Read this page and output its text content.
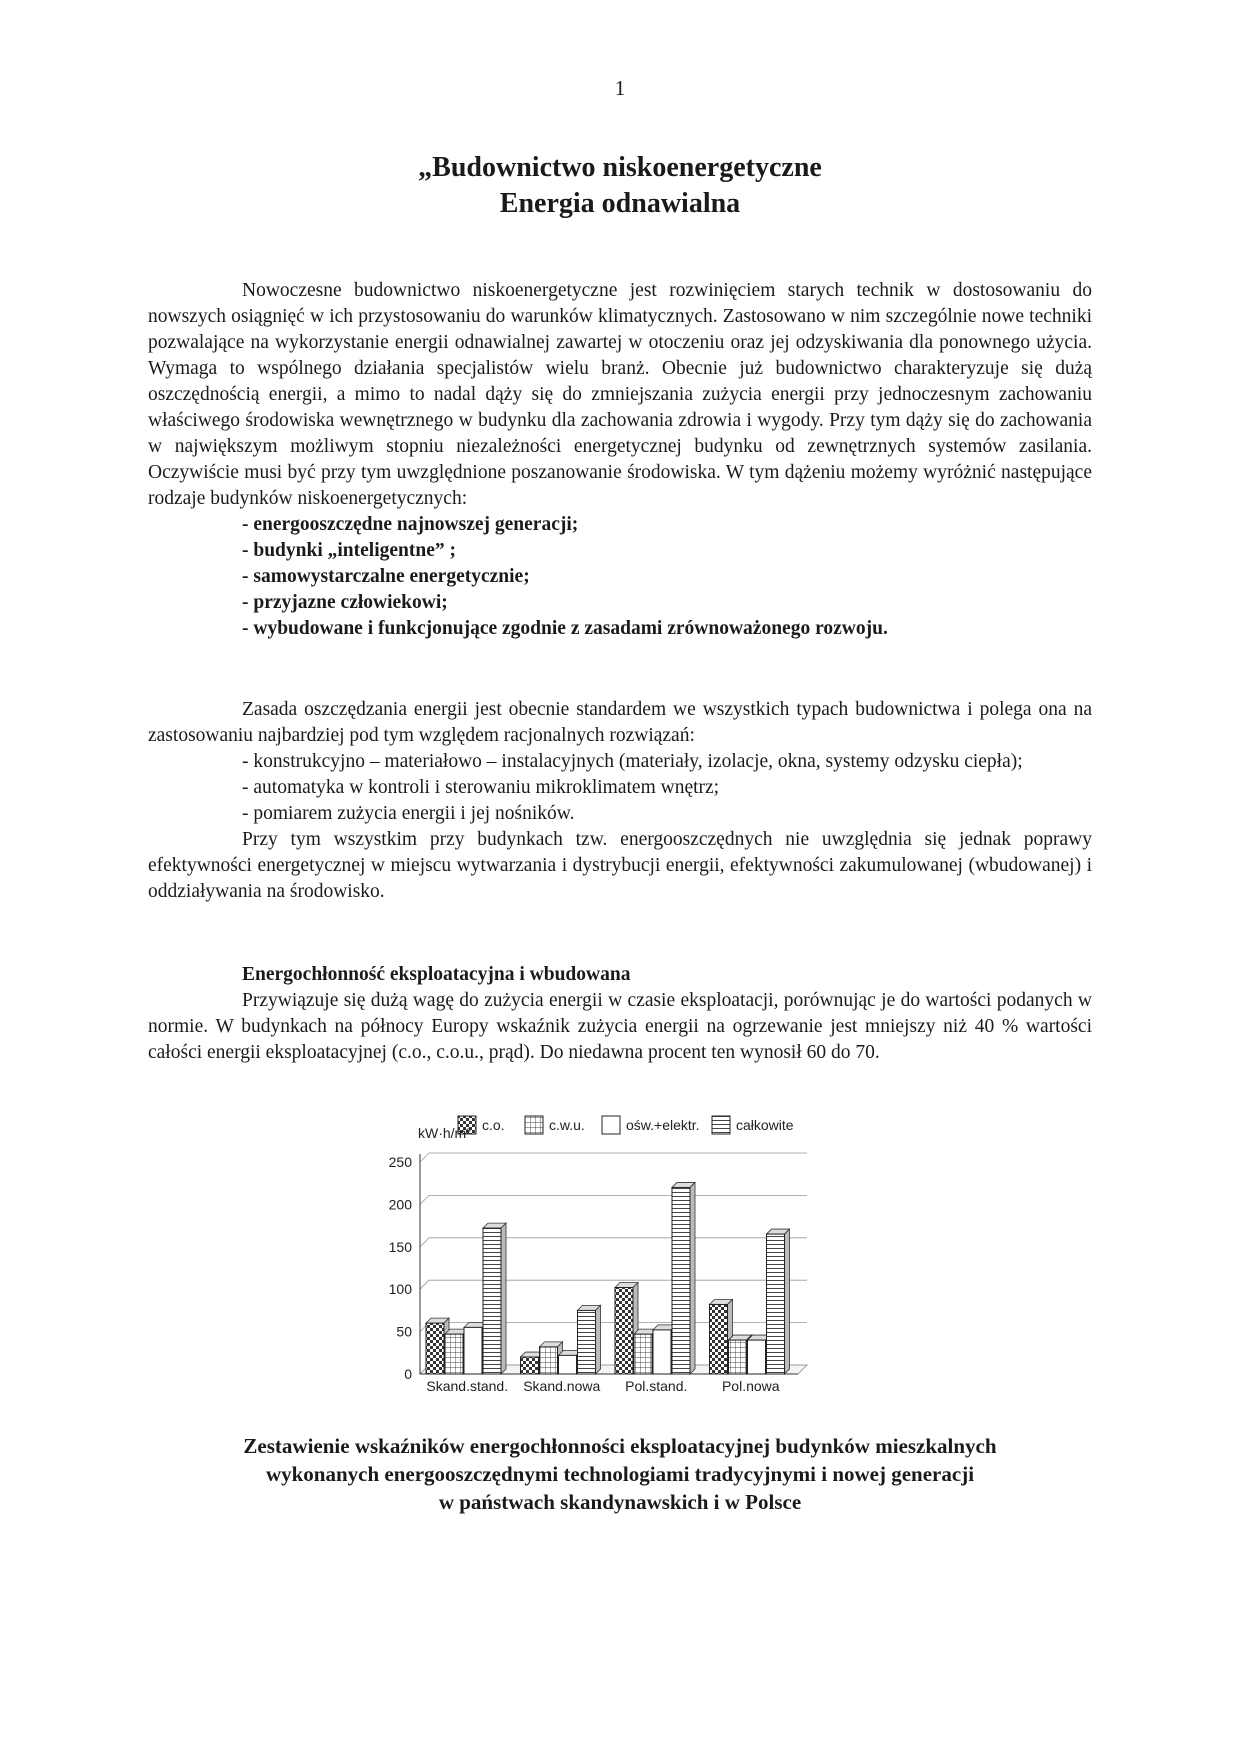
1
„Budownictwo niskoenergetyczne
Energia odnawialna

Nowoczesne budownictwo niskoenergetyczne jest rozwinięciem starych technik w dostosowaniu do nowszych osiągnięć w ich przystosowaniu do warunków klimatycznych. Zastosowano w nim szczególnie nowe techniki pozwalające na wykorzystanie energii odnawialnej zawartej w otoczeniu oraz jej odzyskiwania dla ponownego użycia. Wymaga to wspólnego działania specjalistów wielu branż. Obecnie już budownictwo charakteryzuje się dużą oszczędnością energii, a mimo to nadal dąży się do zmniejszania zużycia energii przy jednoczesnym zachowaniu właściwego środowiska wewnętrznego w budynku dla zachowania zdrowia i wygody. Przy tym dąży się do zachowania w największym możliwym stopniu niezależności energetycznej budynku od zewnętrznych systemów zasilania. Oczywiście musi być przy tym uwzględnione poszanowanie środowiska. W tym dążeniu możemy wyróżnić następujące rodzaje budynków niskoenergetycznych:

- energooszczędne najnowszej generacji;
- budynki „inteligentne” ;
- samowystarczalne energetycznie;
- przyjazne człowiekowi;
- wybudowane i funkcjonujące zgodnie z zasadami zrównoważonego rozwoju.

Zasada oszczędzania energii jest obecnie standardem we wszystkich typach budownictwa i polega ona na zastosowaniu najbardziej pod tym względem racjonalnych rozwiązań:

- konstrukcyjno – materiałowo – instalacyjnych (materiały, izolacje, okna, systemy odzysku ciepła);
- automatyka w kontroli i sterowaniu mikroklimatem wnętrz;
- pomiarem zużycia energii i jej nośników.

Przy tym wszystkim przy budynkach tzw. energooszczędnych nie uwzględnia się jednak poprawy efektywności energetycznej w miejscu wytwarzania i dystrybucji energii, efektywności zakumulowanej (wbudowanej) i oddziaływania na środowisko.

Energochłonność eksploatacyjna i wbudowana

Przywiązuje się dużą wagę do zużycia energii w czasie eksploatacji, porównując je do wartości podanych w normie. W budynkach na północy Europy wskaźnik zużycia energii na ogrzewanie jest mniejszy niż 40 % wartości całości energii eksploatacyjnej (c.o., c.o.u., prąd). Do niedawna procent ten wynosił 60 do 70.

c.o.	c.w.u.	ośw.+elektr.	całkowite
kW·h/m²
0
50
100
150
200
250
Skand.stand. Skand.nowa Pol.stand. Pol.nowa
Zestawienie wskaźników energochłonności eksploatacyjnej budynków mieszkalnych
wykonanych energooszczędnymi technologiami tradycyjnymi i nowej generacji
w państwach skandynawskich i w Polsce
